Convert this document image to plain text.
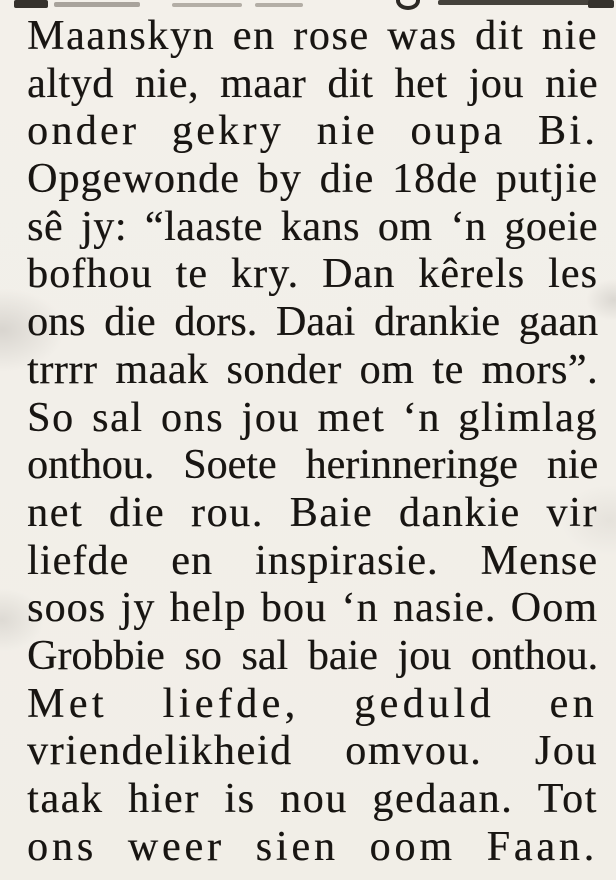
Maanskyn en rose was dit nie
altyd nie, maar dit het jou nie
onder gekry nie oupa Bi.
Opgewonde by die 18de putjie
sê jy: “laaste kans om ‘n goeie
bofhou te kry. Dan kêrels les
ons die dors. Daai drankie gaan
trrrr maak sonder om te mors”.
So sal ons jou met ‘n glimlag
onthou. Soete herinneringe nie
net die rou. Baie dankie vir
liefde en inspirasie. Mense
soos jy help bou ‘n nasie. Oom
Grobbie so sal baie jou onthou.
Met liefde, geduld en
vriendelikheid omvou. Jou
taak hier is nou gedaan. Tot
ons weer sien oom Faan.
